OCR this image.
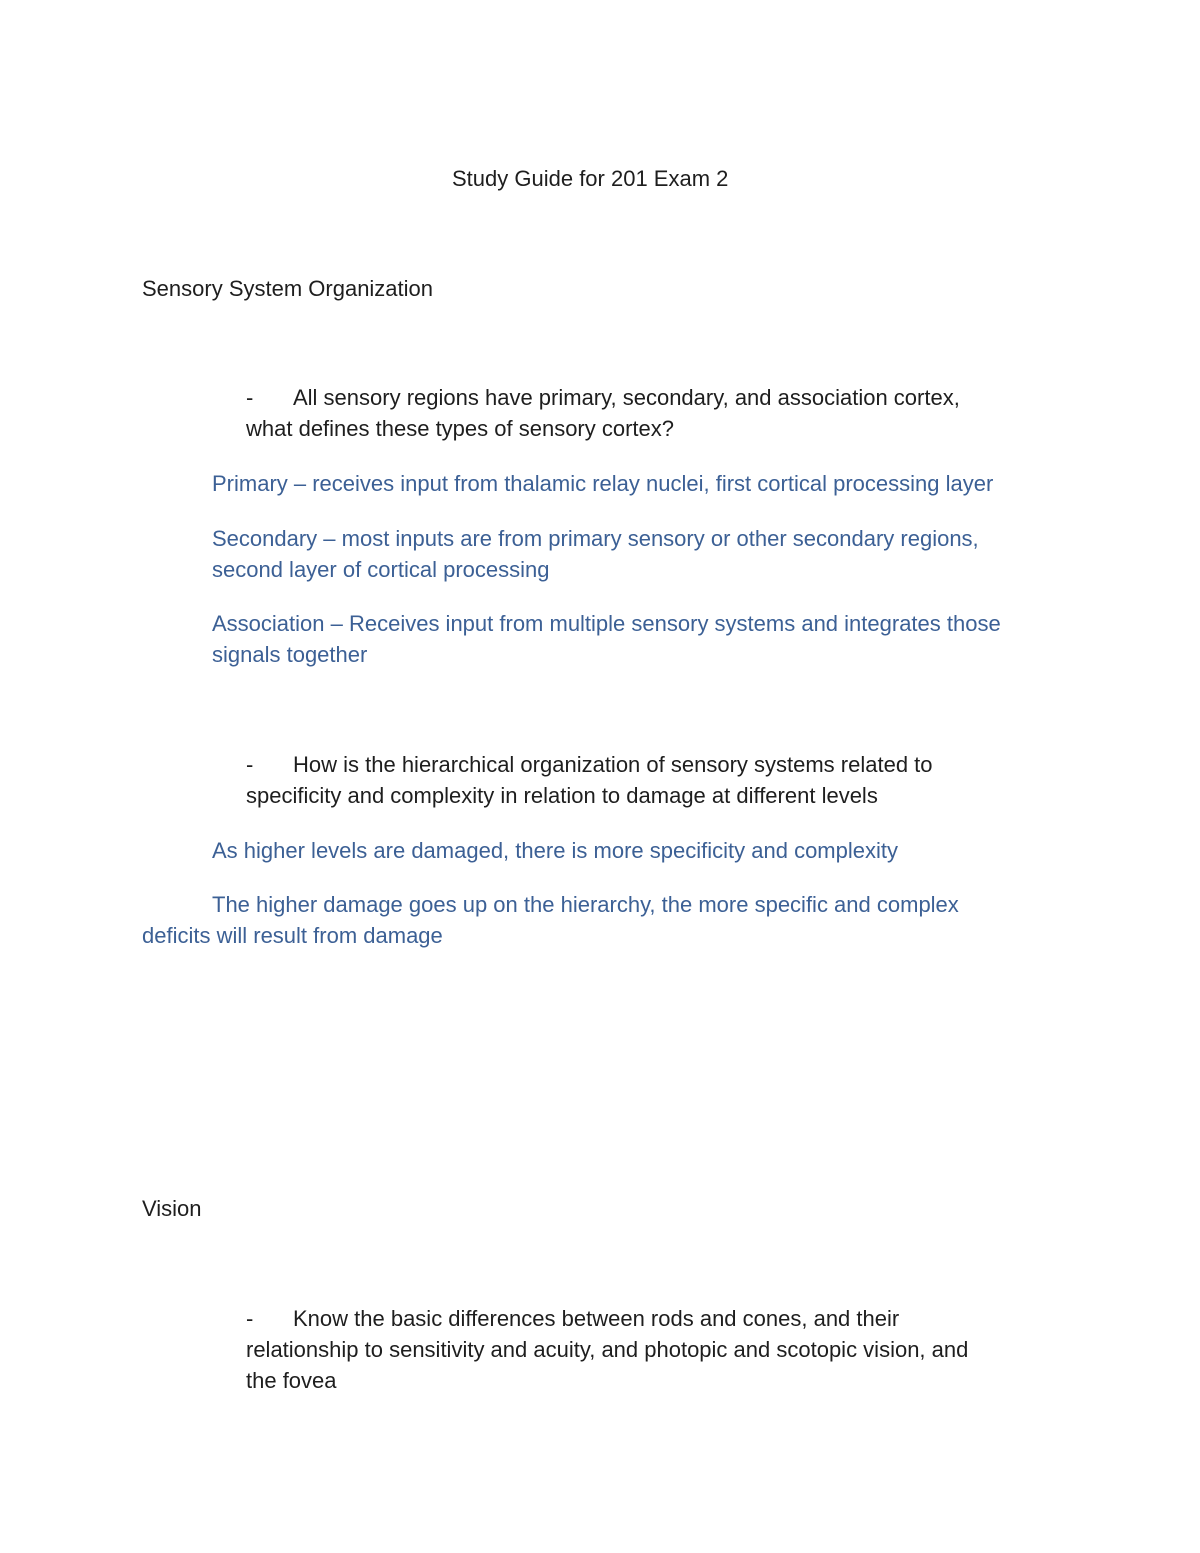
Study Guide for 201 Exam 2
Sensory System Organization
-	All sensory regions have primary, secondary, and association cortex,
what defines these types of sensory cortex?
Primary – receives input from thalamic relay nuclei, first cortical processing layer
Secondary – most inputs are from primary sensory or other secondary regions,
second layer of cortical processing
Association – Receives input from multiple sensory systems and integrates those
signals together
-	How is the hierarchical organization of sensory systems related to
specificity and complexity in relation to damage at different levels
As higher levels are damaged, there is more specificity and complexity
The higher damage goes up on the hierarchy, the more specific and complex
deficits will result from damage
Vision
-	Know the basic differences between rods and cones, and their
relationship to sensitivity and acuity, and photopic and scotopic vision, and
the fovea
